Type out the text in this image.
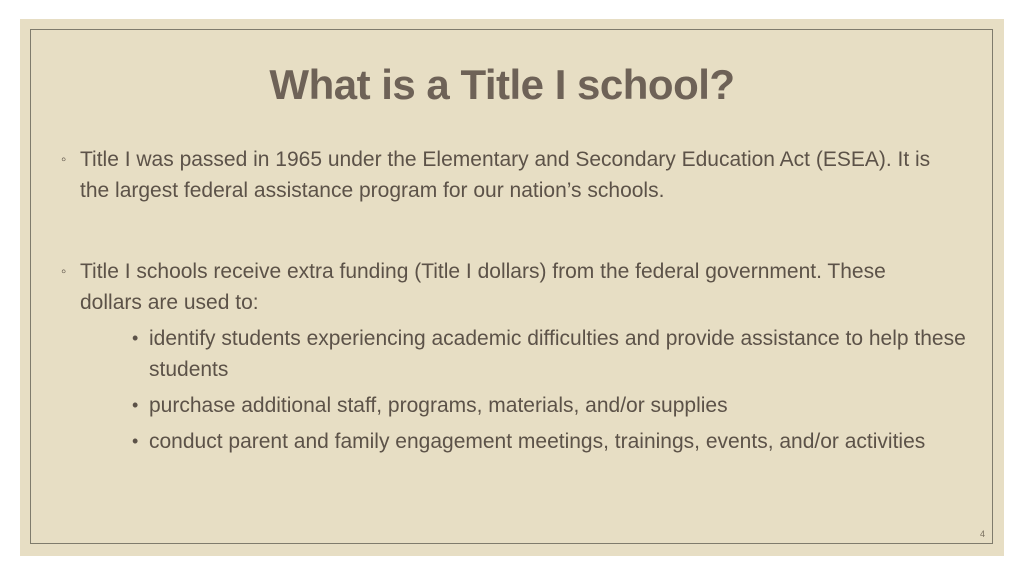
What is a Title I school?
◦ Title I was passed in 1965 under the Elementary and Secondary Education Act (ESEA). It is the largest federal assistance program for our nation’s schools.
◦ Title I schools receive extra funding (Title I dollars) from the federal government. These dollars are used to:
• identify students experiencing academic difficulties and provide assistance to help these students
• purchase additional staff, programs, materials, and/or supplies
• conduct parent and family engagement meetings, trainings, events, and/or activities
4
